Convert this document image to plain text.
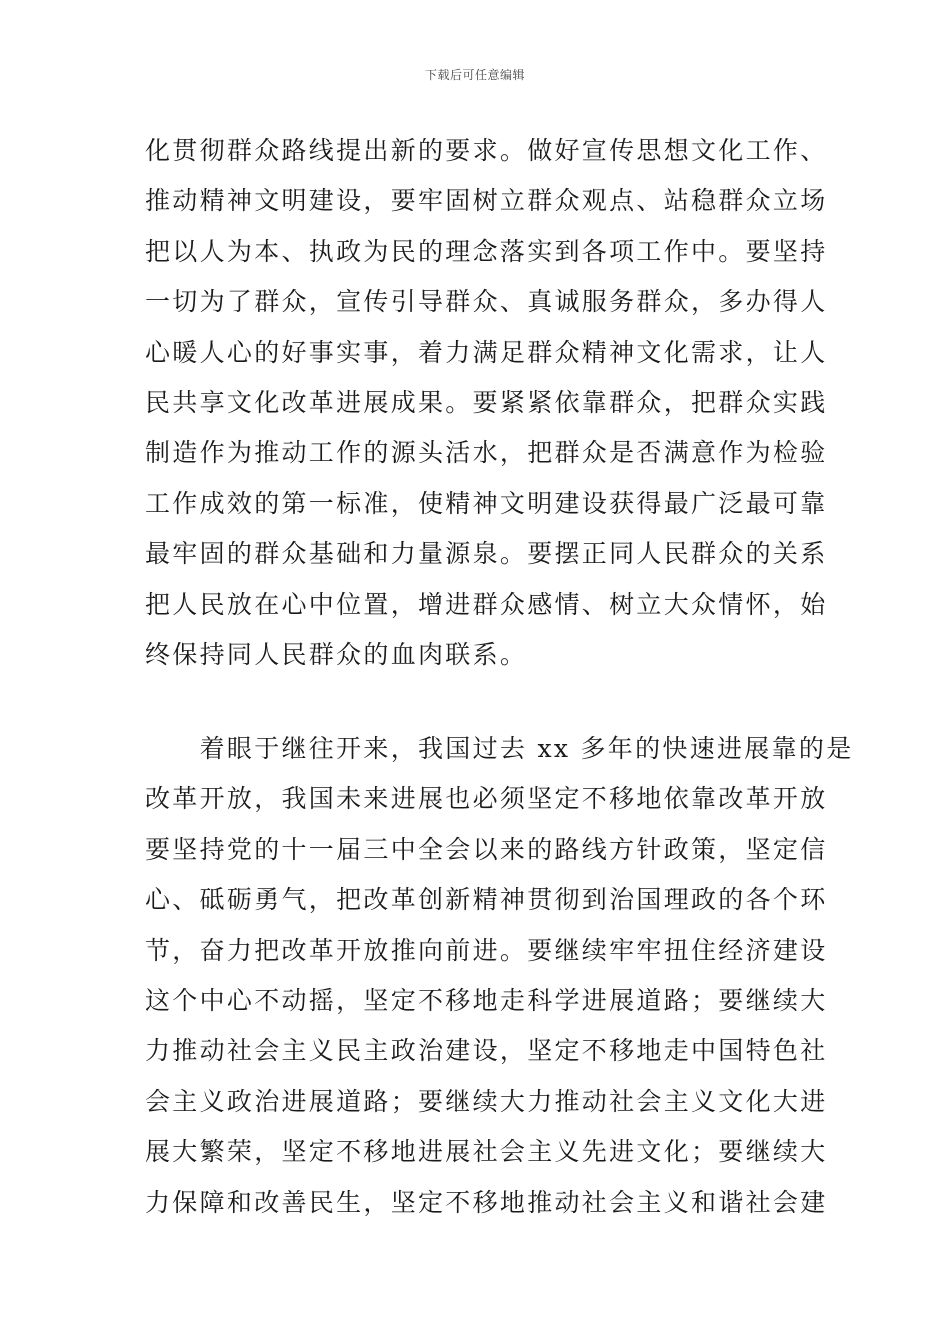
下载后可任意编辑
化贯彻群众路线提出新的要求。做好宣传思想文化工作、
推动精神文明建设，要牢固树立群众观点、站稳群众立场
把以人为本、执政为民的理念落实到各项工作中。要坚持
一切为了群众，宣传引导群众、真诚服务群众，多办得人
心暖人心的好事实事，着力满足群众精神文化需求，让人
民共享文化改革进展成果。要紧紧依靠群众，把群众实践
制造作为推动工作的源头活水，把群众是否满意作为检验
工作成效的第一标准，使精神文明建设获得最广泛最可靠
最牢固的群众基础和力量源泉。要摆正同人民群众的关系
把人民放在心中位置，增进群众感情、树立大众情怀，始
终保持同人民群众的血肉联系。
　　着眼于继往开来，我国过去 xx 多年的快速进展靠的是
改革开放，我国未来进展也必须坚定不移地依靠改革开放
要坚持党的十一届三中全会以来的路线方针政策，坚定信
心、砥砺勇气，把改革创新精神贯彻到治国理政的各个环
节，奋力把改革开放推向前进。要继续牢牢扭住经济建设
这个中心不动摇，坚定不移地走科学进展道路；要继续大
力推动社会主义民主政治建设，坚定不移地走中国特色社
会主义政治进展道路；要继续大力推动社会主义文化大进
展大繁荣，坚定不移地进展社会主义先进文化；要继续大
力保障和改善民生，坚定不移地推动社会主义和谐社会建
